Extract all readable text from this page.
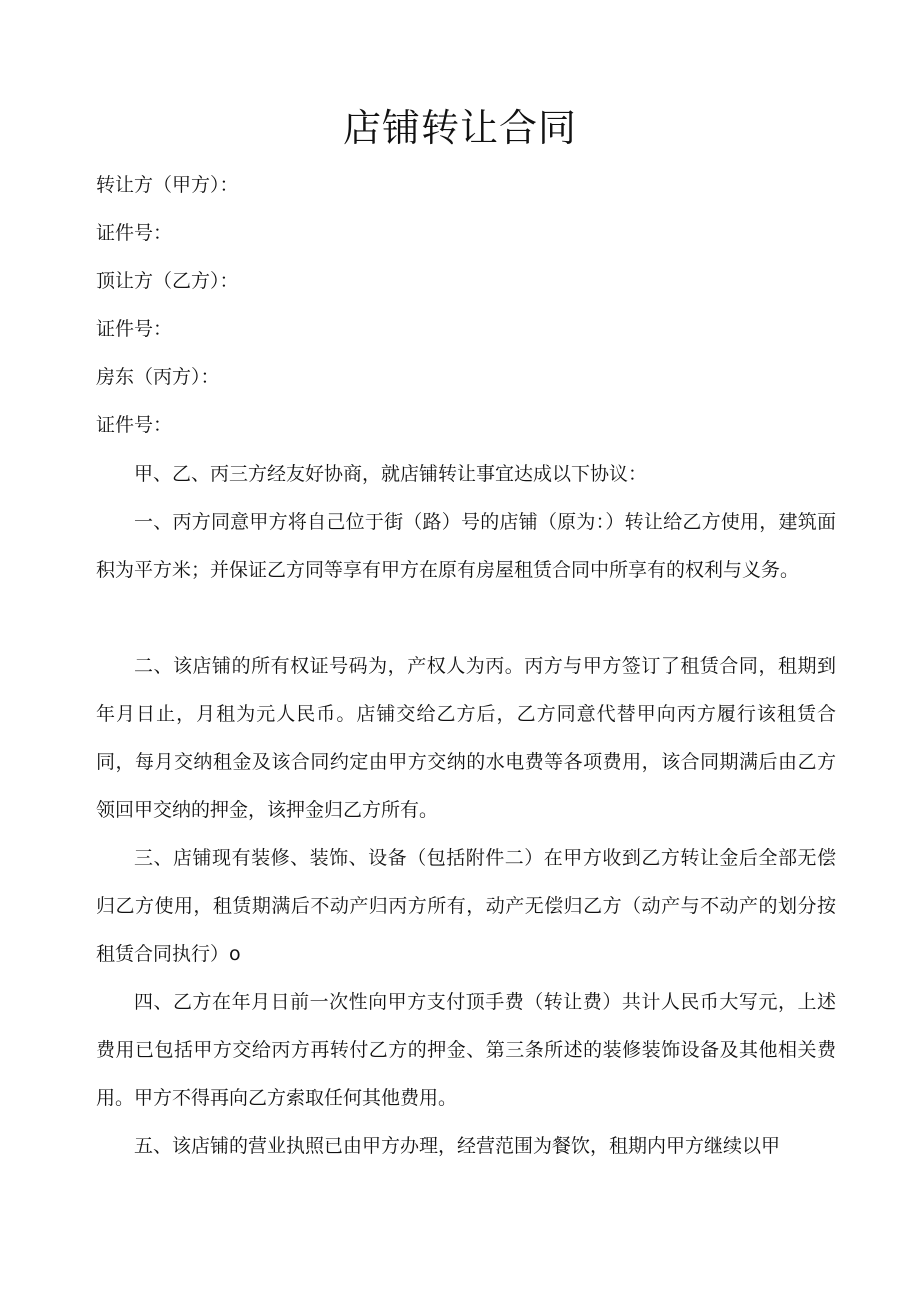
店铺转让合同
转让方（甲方）：
证件号：
顶让方（乙方）：
证件号：
房东（丙方）：
证件号：

甲、乙、丙三方经友好协商，就店铺转让事宜达成以下协议：

一、丙方同意甲方将自己位于街（路）号的店铺（原为：）转让给乙方使用，建筑面积为平方米；并保证乙方同等享有甲方在原有房屋租赁合同中所享有的权利与义务。

二、该店铺的所有权证号码为，产权人为丙。丙方与甲方签订了租赁合同，租期到年月日止，月租为元人民币。店铺交给乙方后，乙方同意代替甲向丙方履行该租赁合同，每月交纳租金及该合同约定由甲方交纳的水电费等各项费用，该合同期满后由乙方领回甲交纳的押金，该押金归乙方所有。

三、店铺现有装修、装饰、设备（包括附件二）在甲方收到乙方转让金后全部无偿归乙方使用，租赁期满后不动产归丙方所有，动产无偿归乙方（动产与不动产的划分按租赁合同执行）o

四、乙方在年月日前一次性向甲方支付顶手费（转让费）共计人民币大写元，上述费用已包括甲方交给丙方再转付乙方的押金、第三条所述的装修装饰设备及其他相关费用。甲方不得再向乙方索取任何其他费用。

五、该店铺的营业执照已由甲方办理，经营范围为餐饮，租期内甲方继续以甲
